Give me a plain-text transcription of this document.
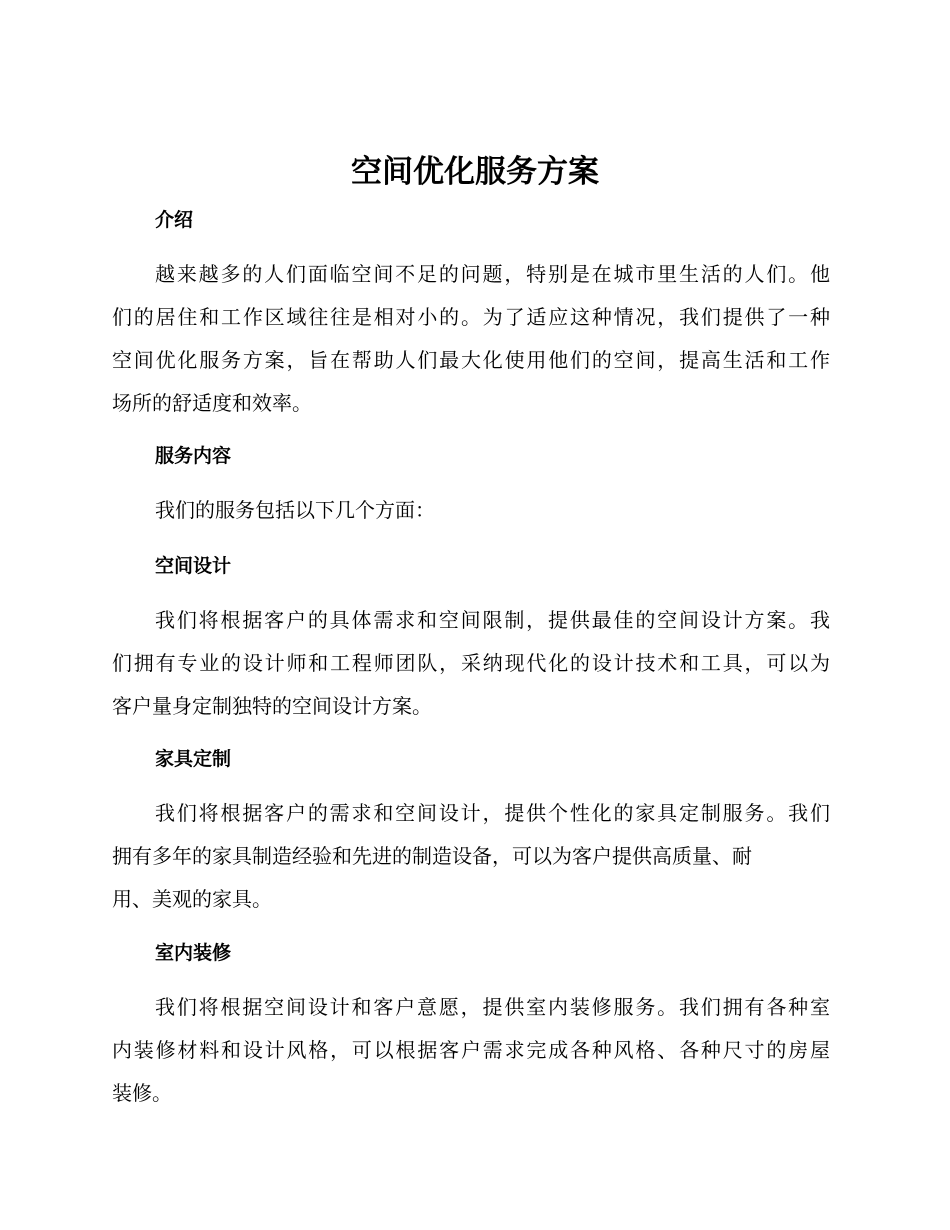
空间优化服务方案
介绍
越来越多的人们面临空间不足的问题，特别是在城市里生活的人们。他
们的居住和工作区域往往是相对小的。为了适应这种情况，我们提供了一种
空间优化服务方案，旨在帮助人们最大化使用他们的空间，提高生活和工作
场所的舒适度和效率。
服务内容
我们的服务包括以下几个方面：
空间设计
我们将根据客户的具体需求和空间限制，提供最佳的空间设计方案。我
们拥有专业的设计师和工程师团队，采纳现代化的设计技术和工具，可以为
客户量身定制独特的空间设计方案。
家具定制
我们将根据客户的需求和空间设计，提供个性化的家具定制服务。我们
拥有多年的家具制造经验和先进的制造设备，可以为客户提供高质量、耐
用、美观的家具。
室内装修
我们将根据空间设计和客户意愿，提供室内装修服务。我们拥有各种室
内装修材料和设计风格，可以根据客户需求完成各种风格、各种尺寸的房屋
装修。
